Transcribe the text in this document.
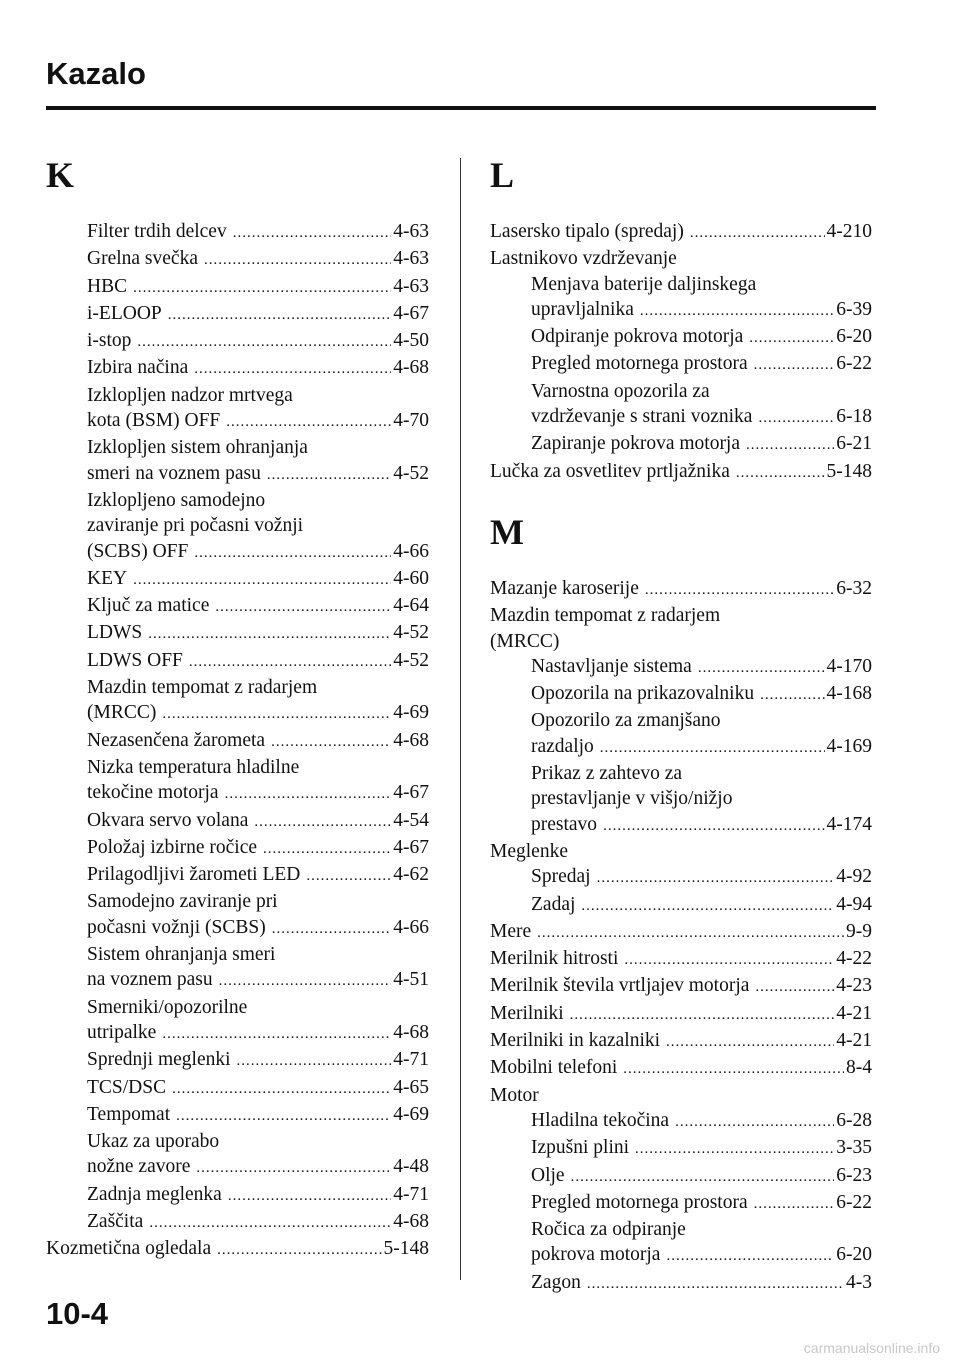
Kazalo
K
Filter trdih delcev .....	4-63
Grelna svečka .....	4-63
HBC .....	4-63
i-ELOOP .....	4-67
i-stop .....	4-50
Izbira načina .....	4-68
Izklopljen nadzor mrtvega
kota (BSM) OFF .....	4-70
Izklopljen sistem ohranjanja
smeri na voznem pasu .....	4-52
Izklopljeno samodejno
zaviranje pri počasni vožnji
(SCBS) OFF .....	4-66
KEY .....	4-60
Ključ za matice .....	4-64
LDWS .....	4-52
LDWS OFF .....	4-52
Mazdin tempomat z radarjem
(MRCC) .....	4-69
Nezasenčena žarometa .....	4-68
Nizka temperatura hladilne
tekočine motorja .....	4-67
Okvara servo volana .....	4-54
Položaj izbirne ročice .....	4-67
Prilagodljivi žarometi LED .....	4-62
Samodejno zaviranje pri
počasni vožnji (SCBS) .....	4-66
Sistem ohranjanja smeri
na voznem pasu .....	4-51
Smerniki/opozorilne
utripalke .....	4-68
Sprednji meglenki .....	4-71
TCS/DSC .....	4-65
Tempomat .....	4-69
Ukaz za uporabo
nožne zavore .....	4-48
Zadnja meglenka .....	4-71
Zaščita .....	4-68
Kozmetična ogledala .....	5-148
L
Lasersko tipalo (spredaj) .....	4-210
Lastnikovo vzdrževanje
Menjava baterije daljinskega
upravljalnika .....	6-39
Odpiranje pokrova motorja .....	6-20
Pregled motornega prostora .....	6-22
Varnostna opozorila za
vzdrževanje s strani voznika .....	6-18
Zapiranje pokrova motorja .....	6-21
Lučka za osvetlitev prtljažnika .....	5-148
M
Mazanje karoserije .....	6-32
Mazdin tempomat z radarjem
(MRCC)
Nastavljanje sistema .....	4-170
Opozorila na prikazovalniku .....	4-168
Opozorilo za zmanjšano
razdaljo .....	4-169
Prikaz z zahtevo za
prestavljanje v višjo/nižjo
prestavo .....	4-174
Meglenke
Spredaj .....	4-92
Zadaj .....	4-94
Mere .....	9-9
Merilnik hitrosti .....	4-22
Merilnik števila vrtljajev motorja .....	4-23
Merilniki .....	4-21
Merilniki in kazalniki .....	4-21
Mobilni telefoni .....	8-4
Motor
Hladilna tekočina .....	6-28
Izpušni plini .....	3-35
Olje .....	6-23
Pregled motornega prostora .....	6-22
Ročica za odpiranje
pokrova motorja .....	6-20
Zagon .....	4-3
10-4
carmanualsonline.info
